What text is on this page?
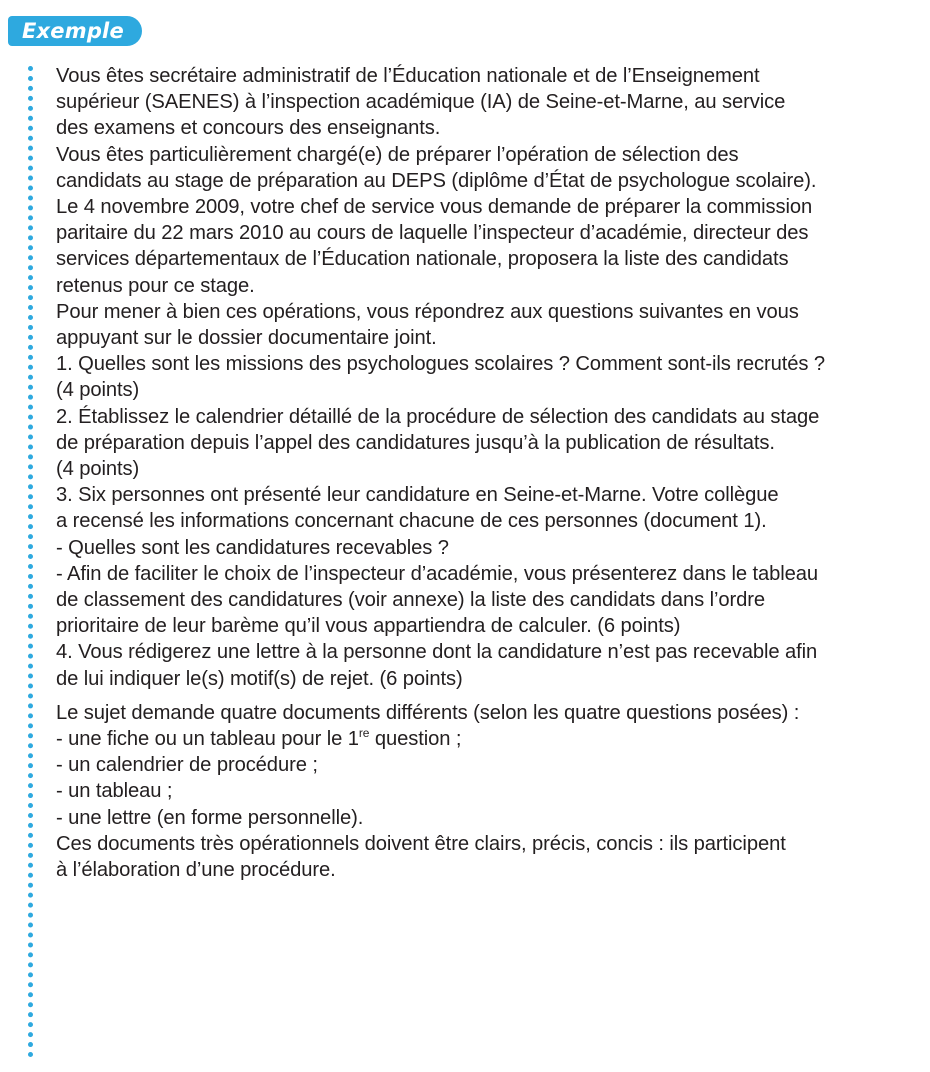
Exemple

Vous êtes secrétaire administratif de l’Éducation nationale et de l’Enseignement

supérieur (SAENES) à l’inspection académique (IA) de Seine-et-Marne, au service

des examens et concours des enseignants.

Vous êtes particulièrement chargé(e) de préparer l’opération de sélection des

candidats au stage de préparation au DEPS (diplôme d’État de psychologue scolaire).

Le 4 novembre 2009, votre chef de service vous demande de préparer la commission

paritaire du 22 mars 2010 au cours de laquelle l’inspecteur d’académie, directeur des

services départementaux de l’Éducation nationale, proposera la liste des candidats

retenus pour ce stage.

Pour mener à bien ces opérations, vous répondrez aux questions suivantes en vous

appuyant sur le dossier documentaire joint.

1. Quelles sont les missions des psychologues scolaires ? Comment sont-ils recrutés ?

(4 points)

2. Établissez le calendrier détaillé de la procédure de sélection des candidats au stage

de préparation depuis l’appel des candidatures jusqu’à la publication de résultats.

(4 points)

3. Six personnes ont présenté leur candidature en Seine-et-Marne. Votre collègue

a recensé les informations concernant chacune de ces personnes (document 1).

- Quelles sont les candidatures recevables ?

- Afin de faciliter le choix de l’inspecteur d’académie, vous présenterez dans le tableau

de classement des candidatures (voir annexe) la liste des candidats dans l’ordre

prioritaire de leur barème qu’il vous appartiendra de calculer. (6 points)

4. Vous rédigerez une lettre à la personne dont la candidature n’est pas recevable afin

de lui indiquer le(s) motif(s) de rejet. (6 points)

Le sujet demande quatre documents différents (selon les quatre questions posées) :

- une fiche ou un tableau pour le 1re question ;

- un calendrier de procédure ;

- un tableau ;

- une lettre (en forme personnelle).

Ces documents très opérationnels doivent être clairs, précis, concis : ils participent

à l’élaboration d’une procédure.
